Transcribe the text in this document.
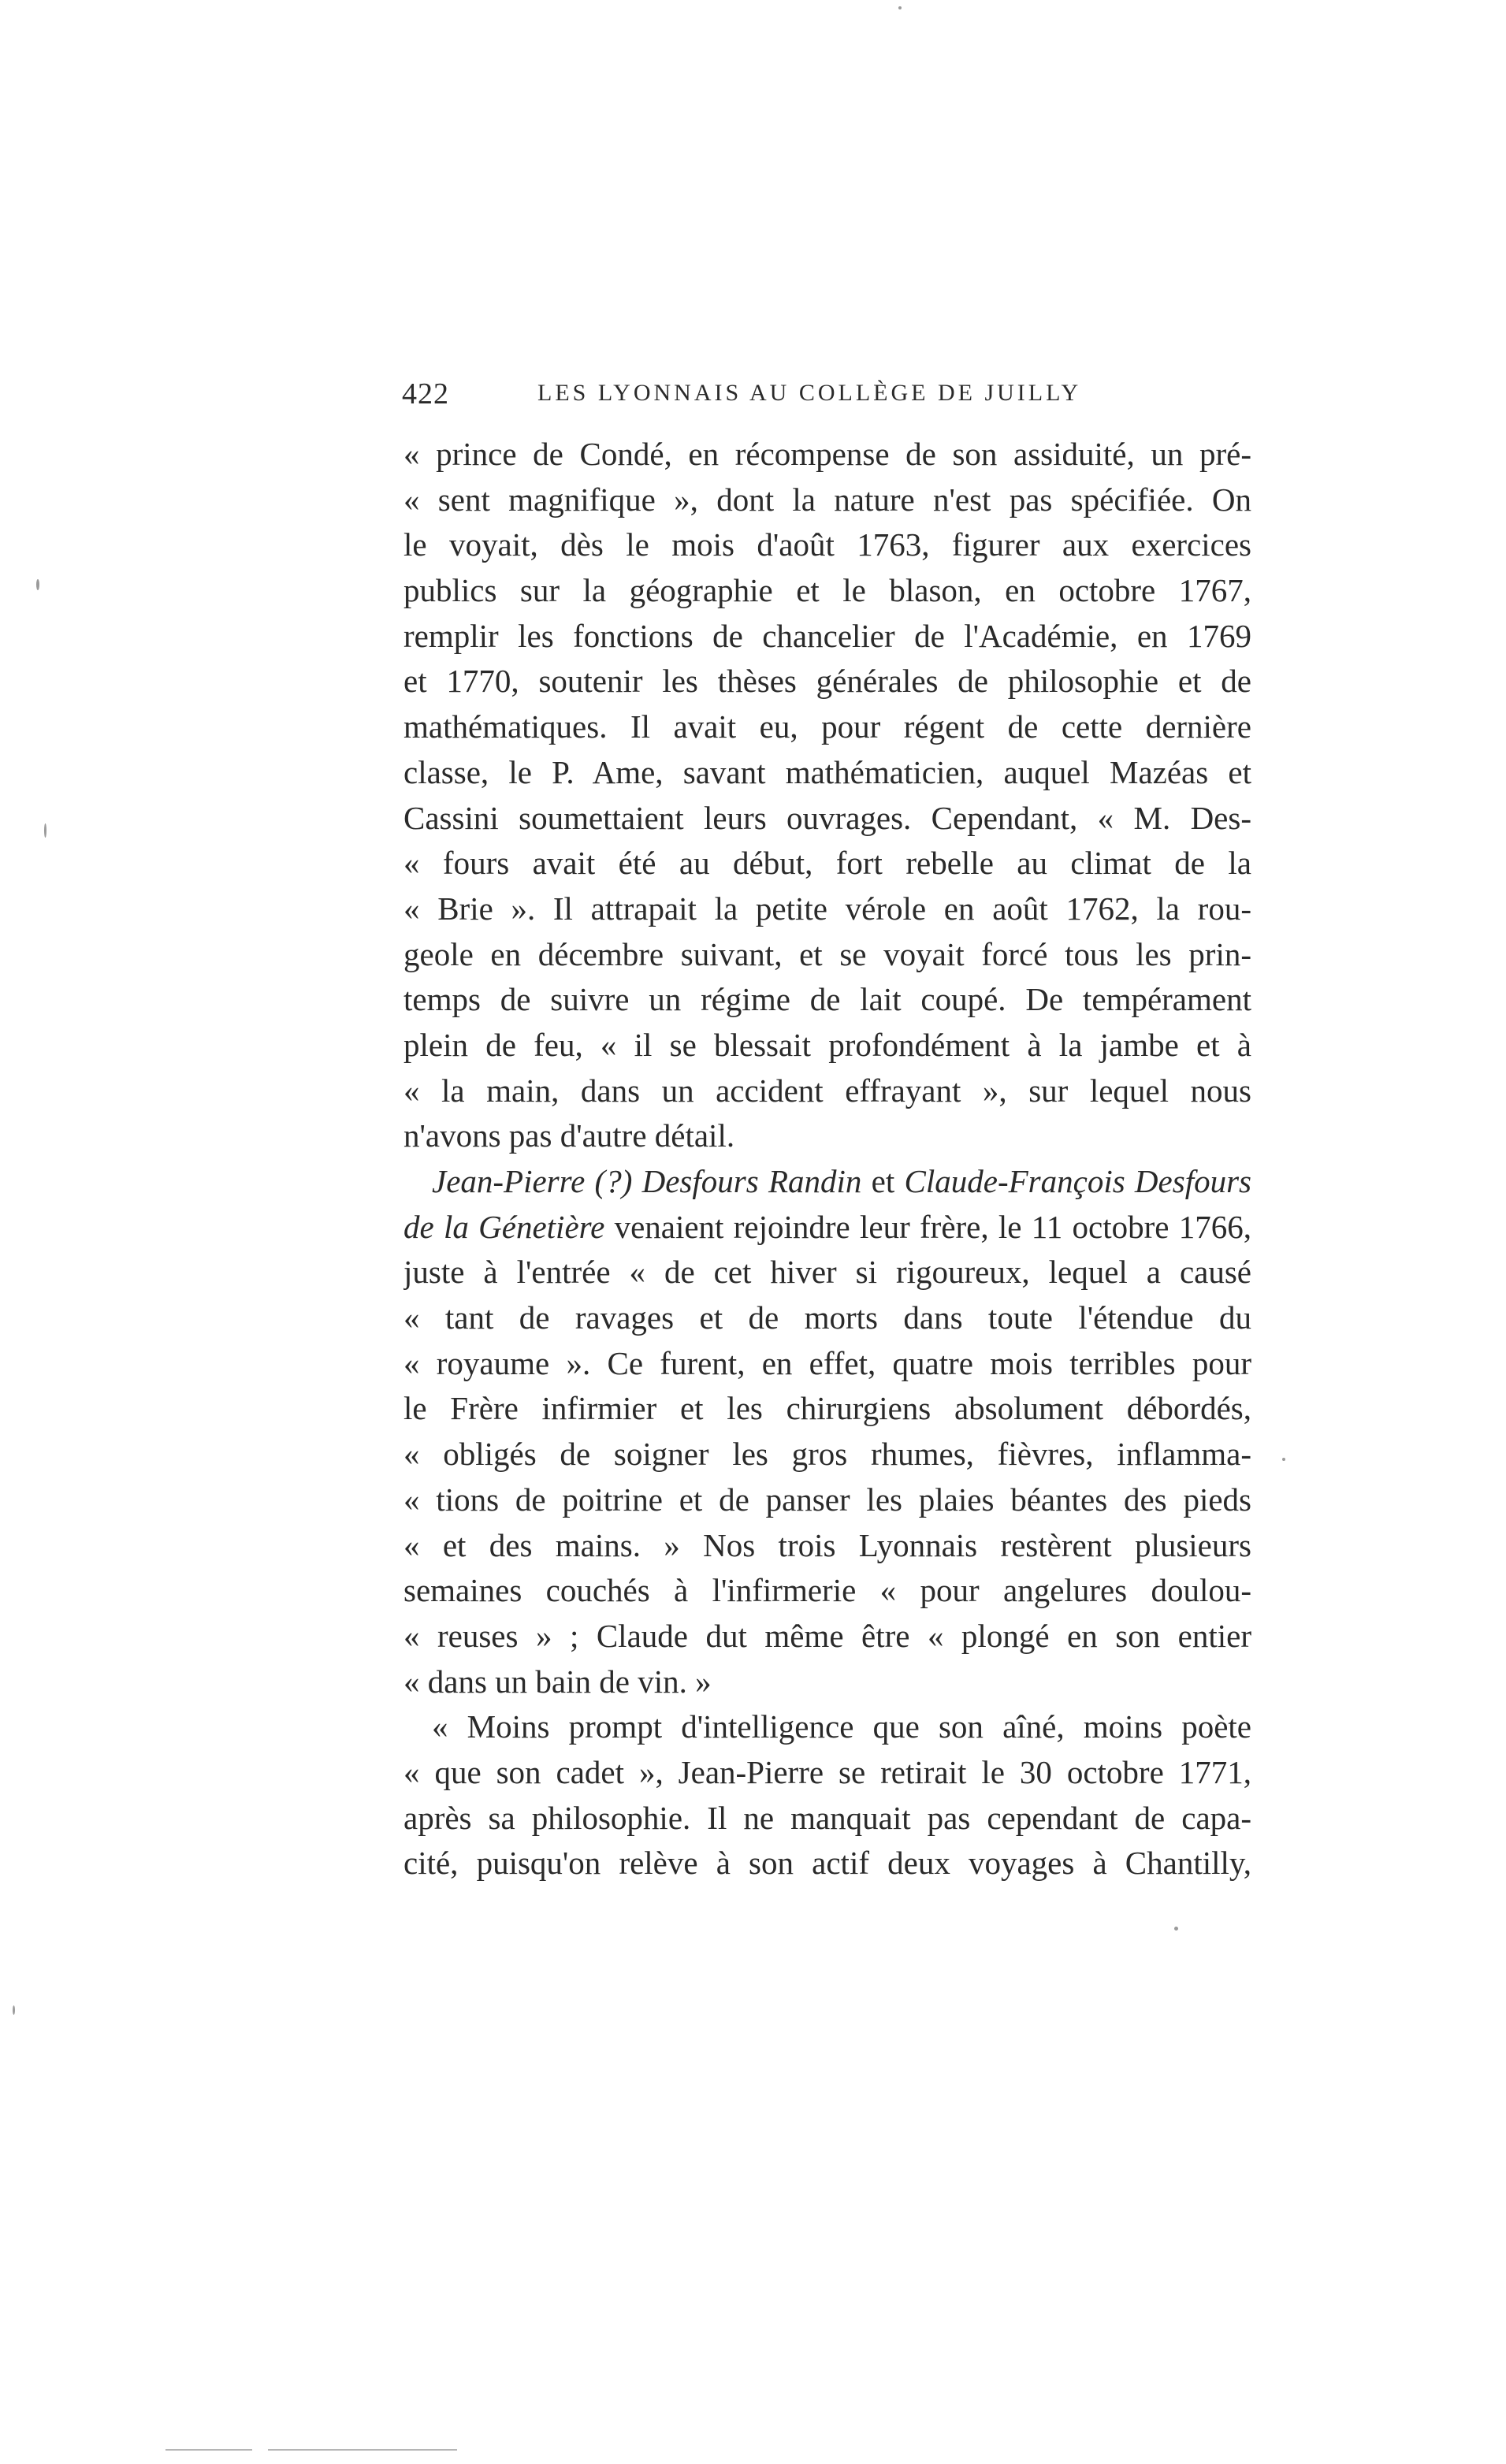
422	LES LYONNAIS AU COLLÈGE DE JUILLY
« prince de Condé, en récompense de son assiduité, un pré-
« sent magnifique », dont la nature n'est pas spécifiée. On
le voyait, dès le mois d'août 1763, figurer aux exercices
publics sur la géographie et le blason, en octobre 1767,
remplir les fonctions de chancelier de l'Académie, en 1769
et 1770, soutenir les thèses générales de philosophie et de
mathématiques. Il avait eu, pour régent de cette dernière
classe, le P. Ame, savant mathématicien, auquel Mazéas et
Cassini soumettaient leurs ouvrages. Cependant, « M. Des-
« fours avait été au début, fort rebelle au climat de la
« Brie ». Il attrapait la petite vérole en août 1762, la rou-
geole en décembre suivant, et se voyait forcé tous les prin-
temps de suivre un régime de lait coupé. De tempérament
plein de feu, « il se blessait profondément à la jambe et à
« la main, dans un accident effrayant », sur lequel nous
n'avons pas d'autre détail.
Jean-Pierre (?) Desfours Randin et Claude-François Desfours
de la Génetière venaient rejoindre leur frère, le 11 octobre 1766,
juste à l'entrée « de cet hiver si rigoureux, lequel a causé
« tant de ravages et de morts dans toute l'étendue du
« royaume ». Ce furent, en effet, quatre mois terribles pour
le Frère infirmier et les chirurgiens absolument débordés,
« obligés de soigner les gros rhumes, fièvres, inflamma-
« tions de poitrine et de panser les plaies béantes des pieds
« et des mains. » Nos trois Lyonnais restèrent plusieurs
semaines couchés à l'infirmerie « pour angelures doulou-
« reuses » ; Claude dut même être « plongé en son entier
« dans un bain de vin. »
« Moins prompt d'intelligence que son aîné, moins poète
« que son cadet », Jean-Pierre se retirait le 30 octobre 1771,
après sa philosophie. Il ne manquait pas cependant de capa-
cité, puisqu'on relève à son actif deux voyages à Chantilly,
